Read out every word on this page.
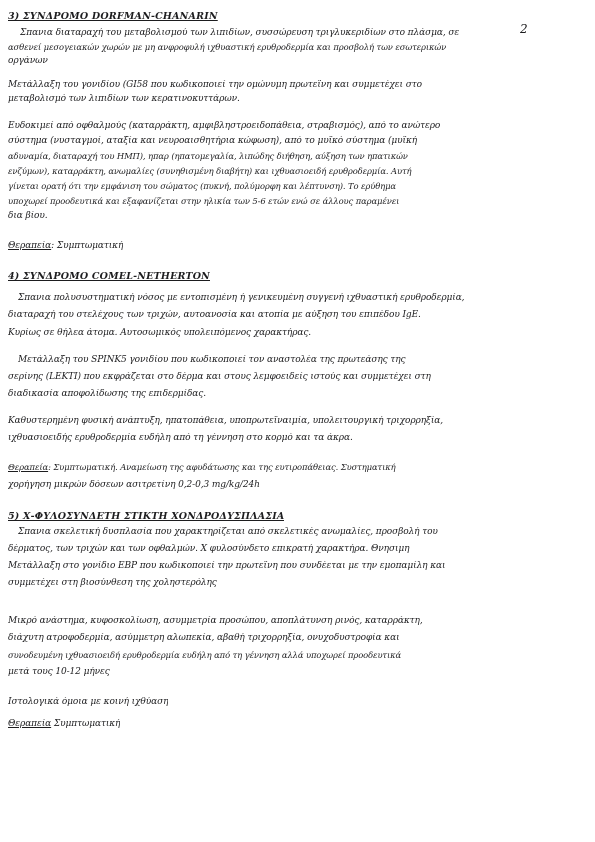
3) ΣΥΝΔΡΟΜΟ DORFMAN-CHANARIN
2
Σπανια διαταραχή του μεταβολισμού των λιπιδίων, συσσώρευση τριγλυκεριδίων στο πλάσμα, σε
ασθενεί μεσογειακών χωρών με μη ανφροφυλή ιχθυαστική ερυθροδερμία και προσβολή των εσωτερικών
οργάνων
Μετάλλαξη του γονιδίου (GI58 που κωδικοποιεί την ομώνυμη πρωτεΐνη και συμμετέχει στο
μεταβολισμό των λιπιδίων των κερατινοκυττάρων.
Ευδοκιμεί από οφθαλμούς (καταρράκτη, αμφιβληστροειδοπάθεια, στραβισμός), από το ανώτερο
σύστημα (νυσταγμοί, αταξία και νευροαισθητήρια κώφωση), από το μυϊκό σύστημα (μυϊκή
αδυναμία, διαταραχή του ΗΜΠ), ηπαρ (ηπατομεγαλία, λιπώδης διήθηση, αύξηση των ηπατικών
ενζύμων), καταρράκτη, ανωμαλίες (συνηθισμένη διαβήτη) και ιχθυασιοειδή ερυθροδερμία. Αυτή
γίνεται ορατή ότι την εμφάνιση του σώματος (πυκνή, πολύμορφη και λέπτυνση). Το ερύθημα
υποχωρεί προοδευτικά και εξαφανίζεται στην ηλικία των 5-6 ετών ενώ σε άλλους παραμένει
δια βίου.
Θεραπεία: Συμπτωματική
4) ΣΥΝΔΡΟΜΟ COMEL-NETHERTON
Σπανια πολυσυστηματική νόσος με εντοπισμένη ή γενικευμένη συγγενή ιχθυαστική ερυθροδερμία,
διαταραχή του στελέχους των τριχών, αυτοανοσία και ατοπία με αύξηση του επιπέδου IgE.
Κυρίως σε θήλεα άτομα. Αυτοσωμικός υπολειπόμενος χαρακτήρας.
Μετάλλαξη του SPINK5 γονιδίου που κωδικοποιεί τον αναστολέα της πρωτεάσης της
σερίνης (LEKTI) που εκφράζεται στο δέρμα και στους λεμφοειδείς ιστούς και συμμετέχει στη
διαδικασία αποφολίδωσης της επιδερμίδας.
Καθυστερημένη φυσική ανάπτυξη, ηπατοπάθεια, υποπρωτεϊναιμία, υπολειτουργική τριχορρηξία,
ιχθυασιοειδής ερυθροδερμία ευδήλη από τη γέννηση στο κορμό και τα άκρα.
Θεραπεία: Συμπτωματική. Αναμείωση της αφυδάτωσης και της ευτιροπάθειας. Συστηματική
χορήγηση μικρών δόσεων ασιτρετίνη 0,2-0,3 mg/kg/24h
5) Χ-ΦΥΛΟΣΥΝΔΕΤΗ ΣΤΙΚΤΗ ΧΟΝΔΡΟΔΥΣΠΛΑΣΙΑ
Σπανια σκελετική δυσπλασία που χαρακτηρίζεται από σκελετικές ανωμαλίες, προσβολή του
δέρματος, των τριχών και των οφθαλμών. Χ φυλοσύνδετο επικρατή χαρακτήρα. Θνησιμη
Μετάλλαξη στο γονίδιο EBP που κωδικοποιεί την πρωτεΐνη που συνδέεται με την εμοπαμίλη και
συμμετέχει στη βιοσύνθεση της χοληστερόλης
Μικρό ανάστημα, κυφοσκολίωση, ασυμμετρία προσώπου, αποπλάτυνση ρινός, καταρράκτη,
διάχυτη ατροφοδερμία, ασύμμετρη αλωπεκία, αβαθή τριχορρηξία, ονυχοδυστροφία και
συνοδευμένη ιχθυασιοειδή ερυθροδερμία ευδήλη από τη γέννηση αλλά υποχωρεί προοδευτικά
μετά τους 10-12 μήνες
Ιστολογικά όμοια με κοινή ιχθύαση
Θεραπεία Συμπτωματική
